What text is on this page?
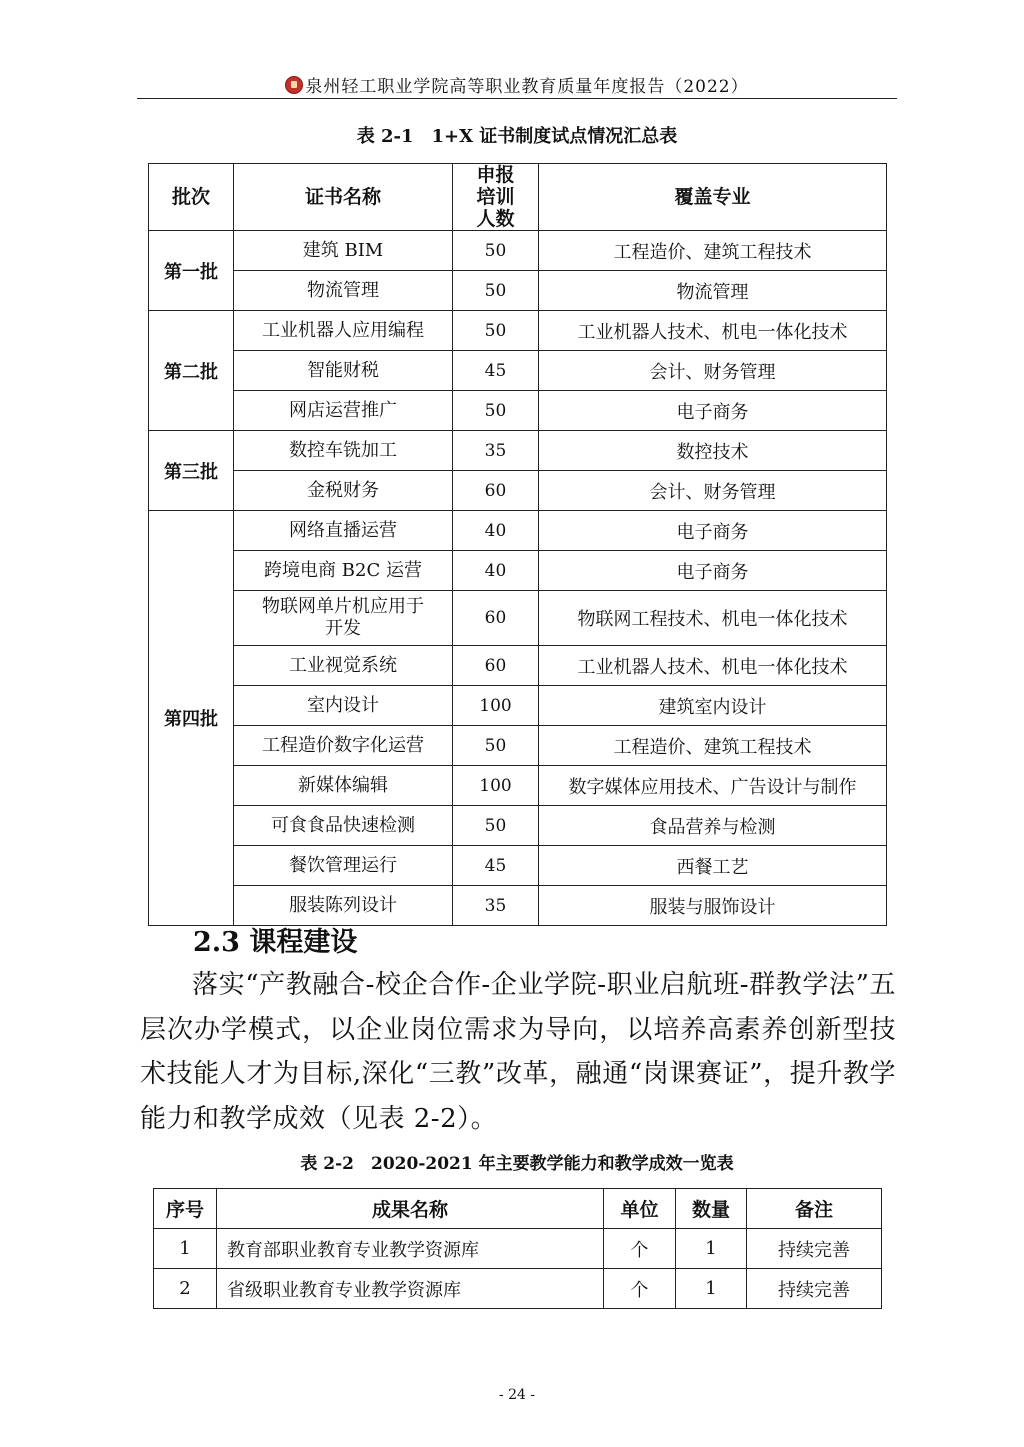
泉州轻工职业学院高等职业教育质量年度报告（2022）
表 2-1　1+X 证书制度试点情况汇总表
批次	证书名称	申报培训人数	覆盖专业
第一批	建筑 BIM	50	工程造价、建筑工程技术
	物流管理	50	物流管理
第二批	工业机器人应用编程	50	工业机器人技术、机电一体化技术
	智能财税	45	会计、财务管理
	网店运营推广	50	电子商务
第三批	数控车铣加工	35	数控技术
	金税财务	60	会计、财务管理
第四批	网络直播运营	40	电子商务
	跨境电商 B2C 运营	40	电子商务

	物联网单片机应用于开发	60	物联网工程技术、机电一体化技术
	工业视觉系统	60	工业机器人技术、机电一体化技术
	室内设计	100	建筑室内设计
	工程造价数字化运营	50	工程造价、建筑工程技术
	新媒体编辑	100	数字媒体应用技术、广告设计与制作
	可食食品快速检测	50	食品营养与检测
	餐饮管理运行	45	西餐工艺
	服装陈列设计	35	服装与服饰设计
2.3 课程建设
落实“产教融合-校企合作-企业学院-职业启航班-群教学法”五层次办学模式，以企业岗位需求为导向，以培养高素养创新型技术技能人才为目标,深化“三教”改革，融通“岗课赛证”，提升教学能力和教学成效（见表 2-2）。
表 2-2　2020-2021 年主要教学能力和教学成效一览表
序号	成果名称	单位	数量	备注
1	教育部职业教育专业教学资源库	个	1	持续完善
2	省级职业教育专业教学资源库	个	1	持续完善
- 24 -
